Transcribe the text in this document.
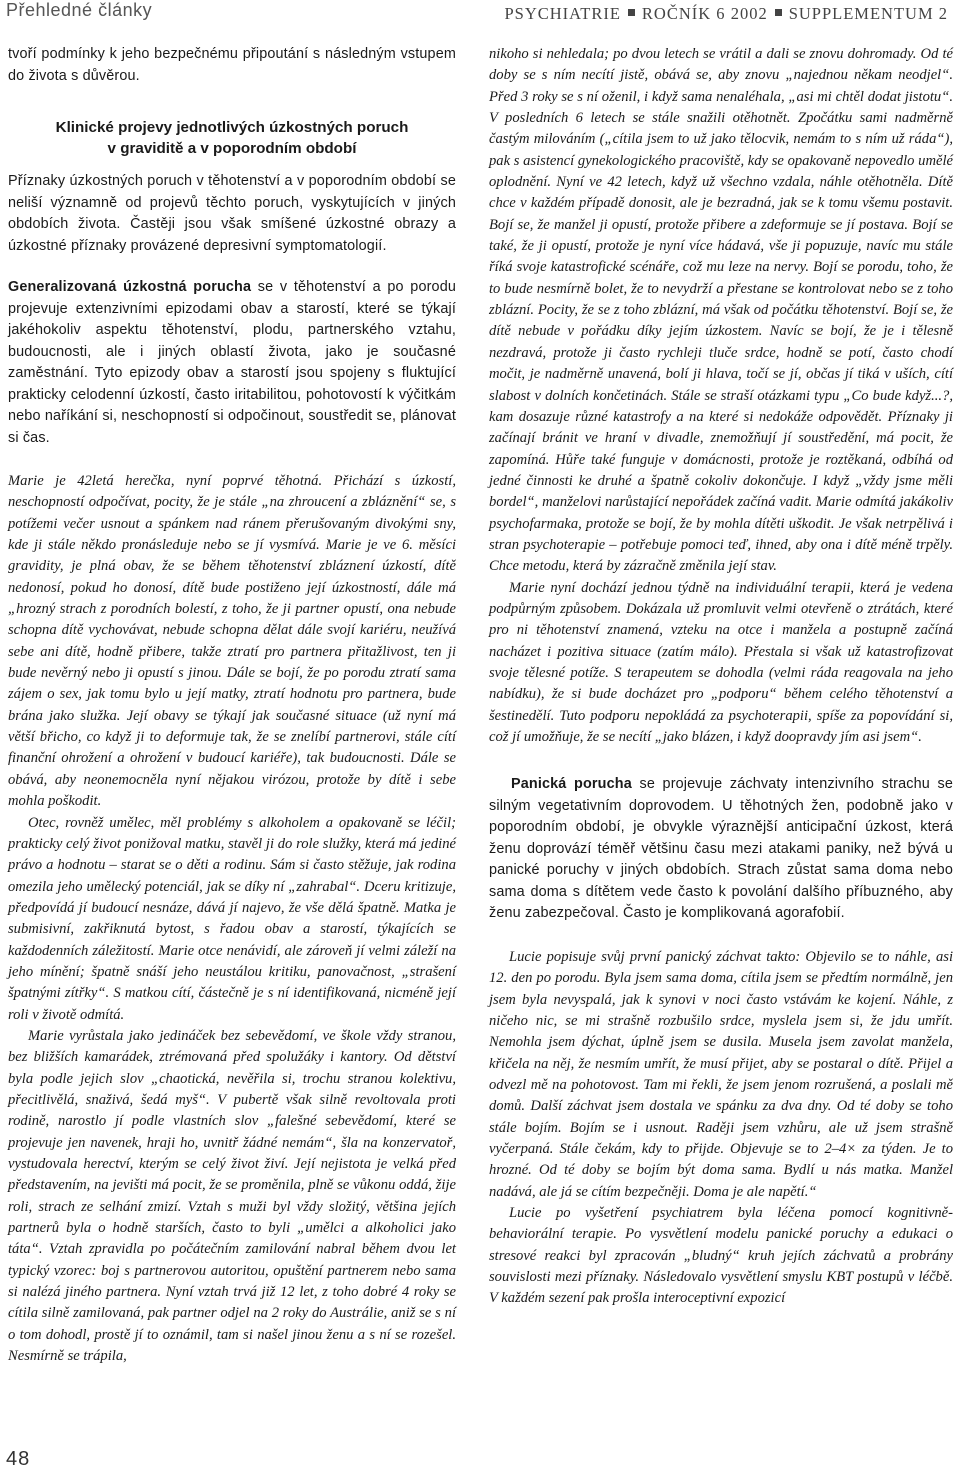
Přehledné články	PSYCHIATRIE ROČNÍK 6 2002 SUPPLEMENTUM 2

tvoří podmínky k jeho bezpečnému připoutání s následným vstupem do života s důvěrou.

Klinické projevy jednotlivých úzkostných poruch
v graviditě a v poporodním období

Příznaky úzkostných poruch v těhotenství a v poporodním období se neliší významně od projevů těchto poruch, vyskytujících v jiných obdobích života. Častěji jsou však smíšené úzkostné obrazy a úzkostné příznaky provázené depresivní symptomatologií.

Generalizovaná úzkostná porucha se v těhotenství a po porodu projevuje extenzivními epizodami obav a starostí, které se týkají jakéhokoliv aspektu těhotenství, plodu, partnerského vztahu, budoucnosti, ale i jiných oblastí života, jako je současné zaměstnání. Tyto epizody obav a starostí jsou spojeny s fluktující prakticky celodenní úzkostí, často iritabilitou, pohotovostí k výčitkám nebo naříkání si, neschopností si odpočinout, soustředit se, plánovat si čas.

Marie je 42letá herečka, nyní poprvé těhotná. Přichází s úzkostí, neschopností odpočívat, pocity, že je stále „na zhroucení a zbláznění“ se, s potížemi večer usnout a spánkem nad ránem přerušovaným divokými sny, kde ji stále někdo pronásleduje nebo se jí vysmívá. Marie je ve 6. měsíci gravidity, je plná obav, že se během těhotenství zbláznení úzkostí, dítě nedonosí, pokud ho donosí, dítě bude postiženo její úzkostností, dále má „hrozný strach z porodních bolestí, z toho, že ji partner opustí, ona nebude schopna dítě vychovávat, nebude schopna dělat dále svojí kariéru, neužívá sebe ani dítě, hodně přibere, takže ztratí pro partnera přitažlivost, ten ji bude nevěrný nebo ji opustí s jinou. Dále se bojí, že po porodu ztratí sama zájem o sex, jak tomu bylo u její matky, ztratí hodnotu pro partnera, bude brána jako služka. Její obavy se týkají jak současné situace (už nyní má větší břicho, co když ji to deformuje tak, že se znelíbí partnerovi, stále cítí finanční ohrožení a ohrožení v budoucí kariéře), tak budoucnosti. Dále se obává, aby neonemocněla nyní nějakou virózou, protože by dítě i sebe mohla poškodit.

Otec, rovněž umělec, měl problémy s alkoholem a opakovaně se léčil; prakticky celý život ponižoval matku, stavěl ji do role služky, která má jediné právo a hodnotu – starat se o děti a rodinu. Sám si často stěžuje, jak rodina omezila jeho umělecký potenciál, jak se díky ní „zahrabal“. Dceru kritizuje, předpovídá jí budoucí nesnáze, dává jí najevo, že vše dělá špatně. Matka je submisivní, zakřiknutá bytost, s řadou obav a starostí, týkajících se každodenních záležitostí. Marie otce nenávidí, ale zároveň jí velmi záleží na jeho mínění; špatně snáší jeho neustálou kritiku, panovačnost, „strašení špatnými zítřky“. S matkou cítí, částečně je s ní identifikovaná, nicméně její roli v životě odmítá.

Marie vyrůstala jako jedináček bez sebevědomí, ve škole vždy stranou, bez bližších kamarádek, ztrémovaná před spolužáky i kantory. Od dětství byla podle jejich slov „chaotická, nevěřila si, trochu stranou kolektivu, přecitlivělá, snaživá, šedá myš“. V pubertě však silně revoltovala proti rodině, narostlo jí podle vlastních slov „falešné sebevědomí, které se projevuje jen navenek, hraji ho, uvnitř žádné nemám“, šla na konzervatoř, vystudovala herectví, kterým se celý život živí. Její nejistota je velká před představením, na jevišti má pocit, že se proměnila, plně se vůkonu oddá, žije roli, strach ze selhání zmizí. Vztah s muži byl vždy složitý, většina jejích partnerů byla o hodně starších, často to byli „umělci a alkoholici jako táta“. Vztah zpravidla po počátečním zamilování nabral během dvou let typický vzorec: boj s partnerovou autoritou, opuštění partnerem nebo sama si nalézá jiného partnera. Nyní vztah trvá již 12 let, z toho dobré 4 roky se cítila silně zamilovaná, pak partner odjel na 2 roky do Austrálie, aniž se s ní o tom dohodl, prostě jí to oznámil, tam si našel jinou ženu a s ní se rozešel. Nesmírně se trápila,

nikoho si nehledala; po dvou letech se vrátil a dali se znovu dohromady. Od té doby se s ním necítí jistě, obává se, aby znovu „najednou někam neodjel“. Před 3 roky se s ní oženil, i když sama nenaléhala, „asi mi chtěl dodat jistotu“. V posledních 6 letech se stále snažili otěhotnět. Zpočátku sami nadměrně častým milováním („cítila jsem to už jako tělocvik, nemám to s ním už ráda“), pak s asistencí gynekologického pracoviště, kdy se opakovaně nepovedlo umělé oplodnění. Nyní ve 42 letech, když už všechno vzdala, náhle otěhotněla. Dítě chce v každém případě donosit, ale je bezradná, jak se k tomu všemu postavit. Bojí se, že manžel ji opustí, protože přibere a zdeformuje se jí postava. Bojí se také, že ji opustí, protože je nyní více hádavá, vše ji popuzuje, navíc mu stále říká svoje katastrofické scénáře, což mu leze na nervy. Bojí se porodu, toho, že to bude nesmírně bolet, že to nevydrží a přestane se kontrolovat nebo se z toho zblázní. Pocity, že se z toho zblázní, má však od počátku těhotenství. Bojí se, že dítě nebude v pořádku díky jejím úzkostem. Navíc se bojí, že je i tělesně nezdravá, protože ji často rychleji tluče srdce, hodně se potí, často chodí močit, je nadměrně unavená, bolí ji hlava, točí se jí, občas jí tiká v uších, cítí slabost v dolních končetinách. Stále se straší otázkami typu „Co bude když...?, kam dosazuje různé katastrofy a na které si nedokáže odpovědět. Příznaky ji začínají bránit ve hraní v divadle, znemožňují jí soustředění, má pocit, že zapomíná. Hůře také funguje v domácnosti, protože je roztěkaná, odbíhá od jedné činnosti ke druhé a špatně cokoliv dokončuje. I když „vždy jsme měli bordel“, manželovi narůstající nepořádek začíná vadit. Marie odmítá jakákoliv psychofarmaka, protože se bojí, že by mohla dítěti uškodit. Je však netrpělivá i stran psychoterapie – potřebuje pomoci teď, ihned, aby ona i dítě méně trpěly. Chce metodu, která by zázračně změnila její stav.

Marie nyní dochází jednou týdně na individuální terapii, která je vedena podpůrným způsobem. Dokázala už promluvit velmi otevřeně o ztrátách, které pro ni těhotenství znamená, vzteku na otce i manžela a postupně začíná nacházet i pozitiva situace (zatím málo). Přestala si však už katastrofizovat svoje tělesné potíže. S terapeutem se dohodla (velmi ráda reagovala na jeho nabídku), že si bude docházet pro „podporu“ během celého těhotenství a šestinedělí. Tuto podporu nepokládá za psychoterapii, spíše za popovídání si, což jí umožňuje, že se necítí „jako blázen, i když doopravdy jím asi jsem“.

Panická porucha se projevuje záchvaty intenzivního strachu se silným vegetativním doprovodem. U těhotných žen, podobně jako v poporodním období, je obvykle výraznější anticipační úzkost, která ženu doprovází téměř většinu času mezi atakami paniky, než bývá u panické poruchy v jiných obdobích. Strach zůstat sama doma nebo sama doma s dítětem vede často k povolání dalšího příbuzného, aby ženu zabezpečoval. Často je komplikovaná agorafobií.

Lucie popisuje svůj první panický záchvat takto: Objevilo se to náhle, asi 12. den po porodu. Byla jsem sama doma, cítila jsem se předtím normálně, jen jsem byla nevyspalá, jak k synovi v noci často vstávám ke kojení. Náhle, z ničeho nic, se mi strašně rozbušilo srdce, myslela jsem si, že jdu umřít. Nemohla jsem dýchat, úplně jsem se dusila. Musela jsem zavolat manžela, křičela na něj, že nesmím umřít, že musí přijet, aby se postaral o dítě. Přijel a odvezl mě na pohotovost. Tam mi řekli, že jsem jenom rozrušená, a poslali mě domů. Další záchvat jsem dostala ve spánku za dva dny. Od té doby se toho stále bojím. Bojím se i usnout. Raději jsem vzhůru, ale už jsem strašně vyčerpaná. Stále čekám, kdy to přijde. Objevuje se to 2–4× za týden. Je to hrozné. Od té doby se bojím být doma sama. Bydlí u nás matka. Manžel nadává, ale já se cítím bezpečněji. Doma je ale napětí.“

Lucie po vyšetření psychiatrem byla léčena pomocí kognitivně- behaviorální terapie. Po vysvětlení modelu panické poruchy a edukaci o stresové reakci byl zpracován „bludný“ kruh jejích záchvatů a probrány souvislosti mezi příznaky. Následovalo vysvětlení smyslu KBT postupů v léčbě. V každém sezení pak prošla interoceptivní expozicí

48
